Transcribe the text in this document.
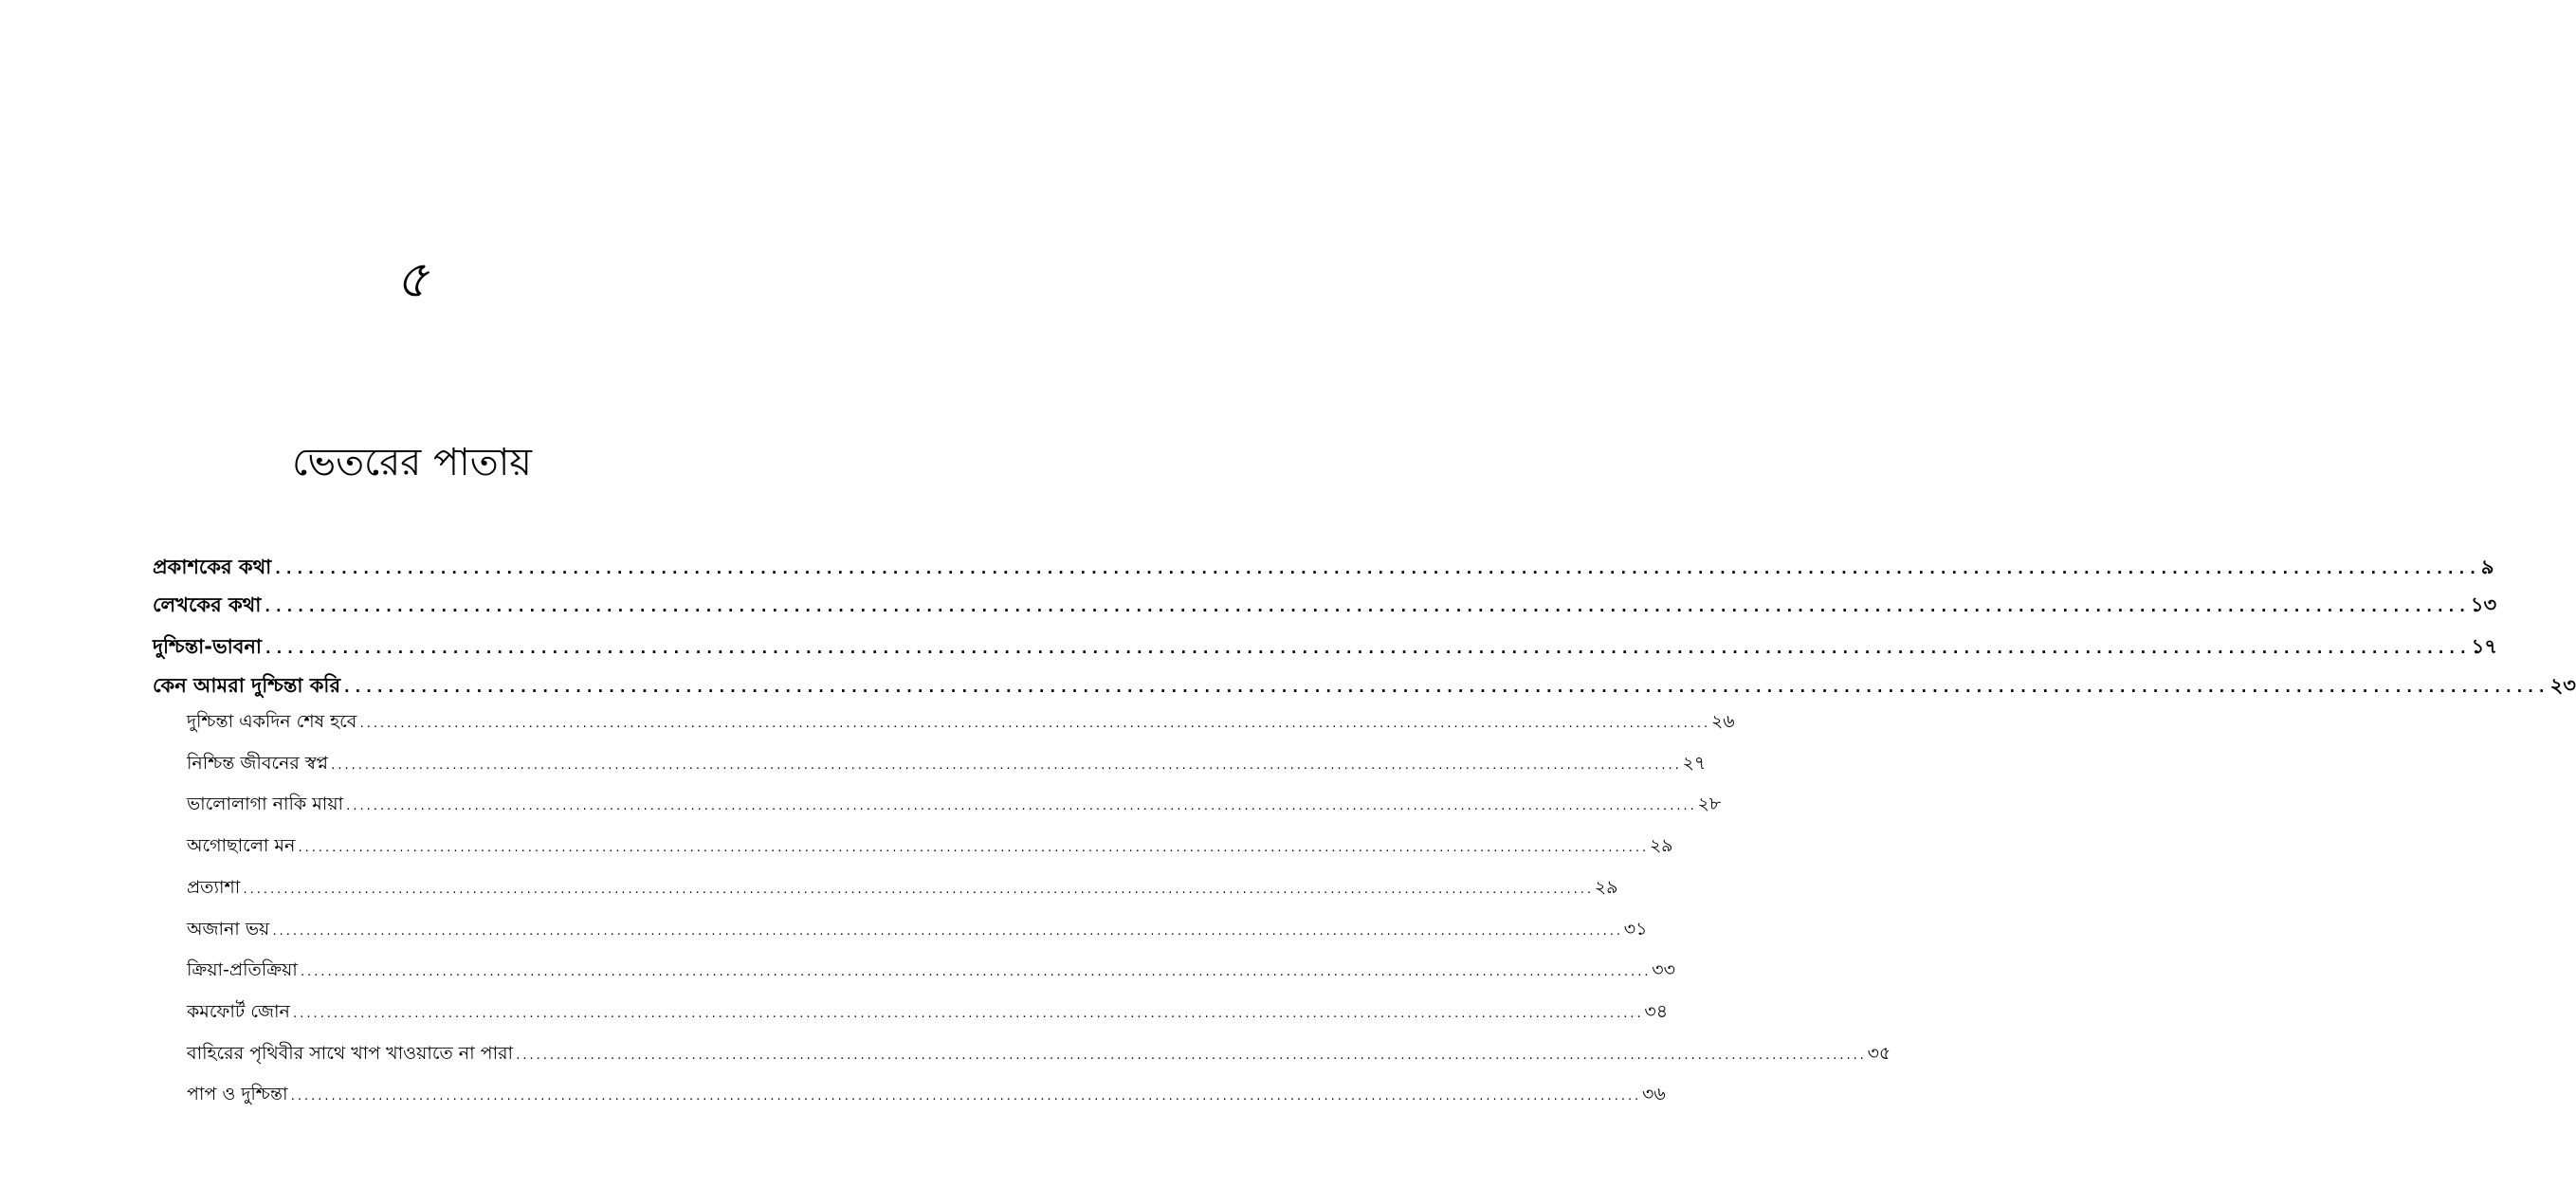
৫
ভেতরের পাতায়
প্রকাশকের কথা ........................................................................................................................................................................................................ ৯
লেখকের কথা ........................................................................................................................................................................................................ ১৩
দুশ্চিন্তা-ভাবনা ........................................................................................................................................................................................................ ১৭
কেন আমরা দুশ্চিন্তা করি ........................................................................................................................................................................................................ ২৩
দুশ্চিন্তা একদিন শেষ হবে ........................................................................................................................................................................................................ ২৬
নিশ্চিন্ত জীবনের স্বপ্ন ........................................................................................................................................................................................................ ২৭
ভালোলাগা নাকি মায়া ........................................................................................................................................................................................................ ২৮
অগোছালো মন ........................................................................................................................................................................................................ ২৯
প্রত্যাশা ........................................................................................................................................................................................................ ২৯
অজানা ভয় ........................................................................................................................................................................................................ ৩১
ক্রিয়া-প্রতিক্রিয়া ........................................................................................................................................................................................................ ৩৩
কমফোর্ট জোন ........................................................................................................................................................................................................ ৩৪
বাহিরের পৃথিবীর সাথে খাপ খাওয়াতে না পারা ........................................................................................................................................................................................................ ৩৫
পাপ ও দুশ্চিন্তা ........................................................................................................................................................................................................ ৩৬
